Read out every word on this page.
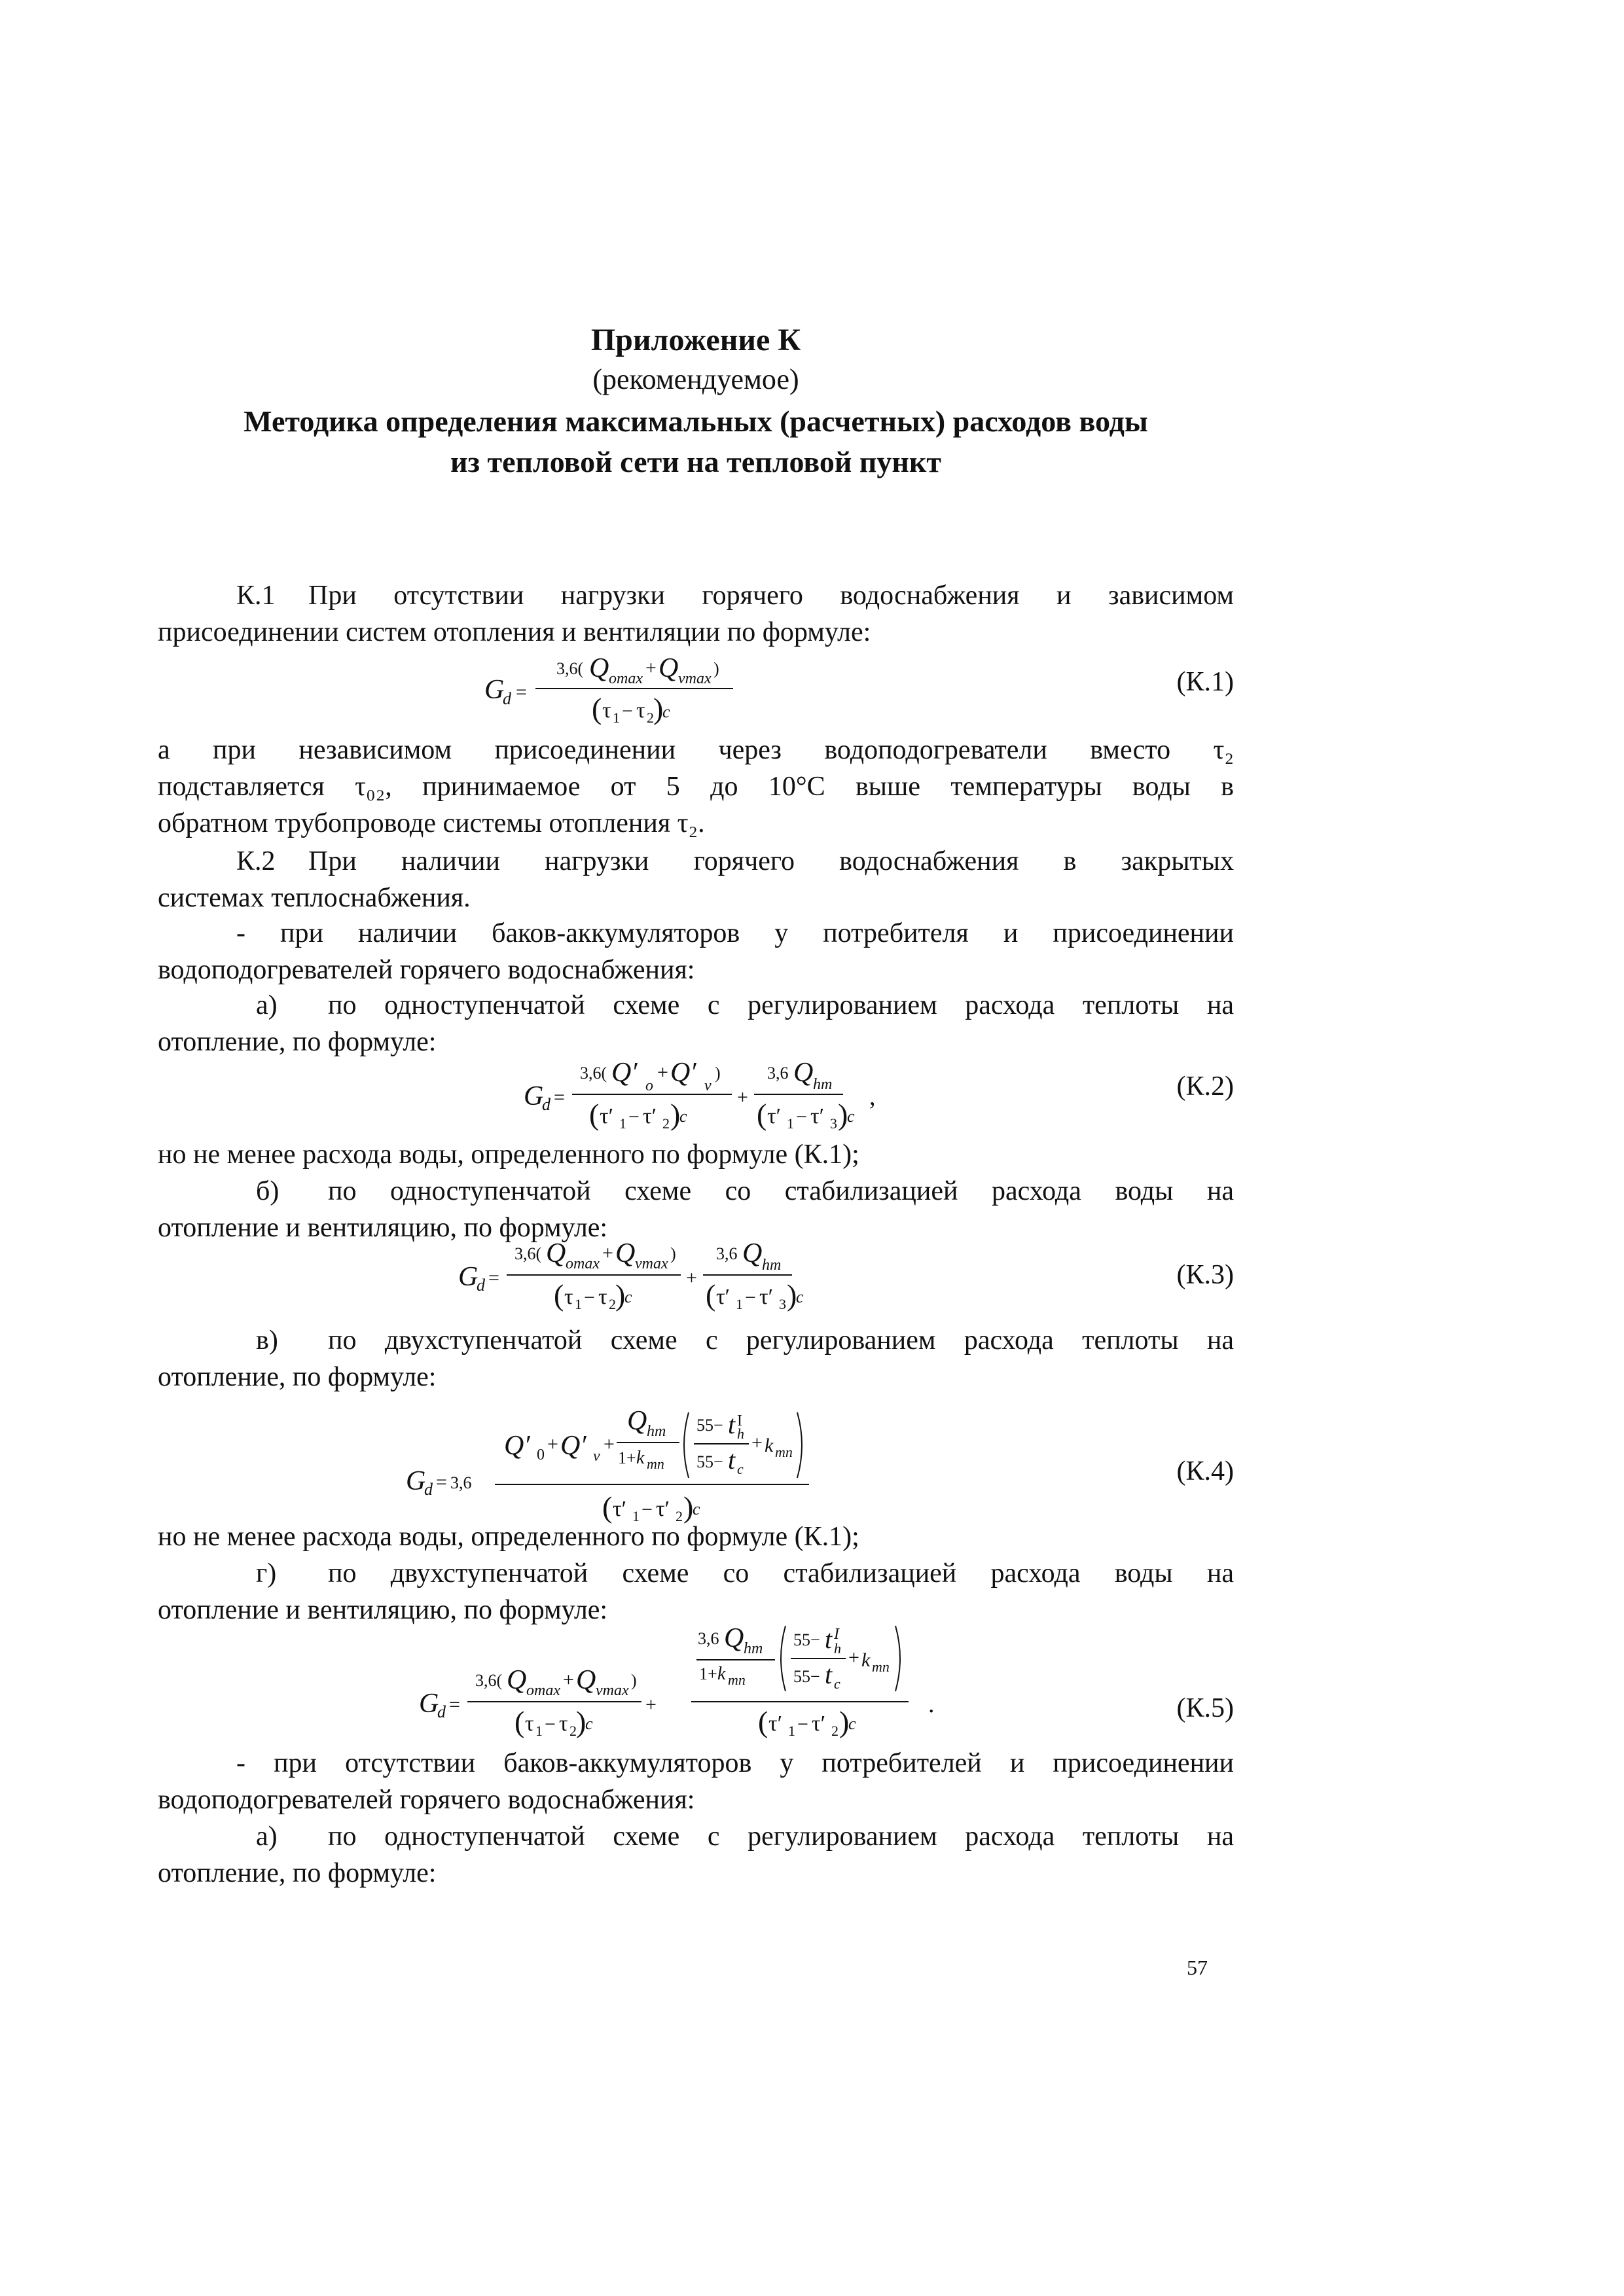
Приложение К
(рекомендуемое)
Методика определения максимальных (расчетных) расходов воды
из тепловой сети на тепловой пункт
К.1 При отсутствии нагрузки горячего водоснабжения и зависимом
присоединении систем отопления и вентиляции по формуле:
G
d =
3,6( Q omax + Q vmax
)
( τ 1 − τ 2 )
c
(К.1)
а при независимом присоединении через водоподогреватели вместо τ₂
подставляется τ₀₂, принимаемое от 5 до 10°С выше температуры воды в
обратном трубопроводе системы отопления τ₂.
К.2 При наличии нагрузки горячего водоснабжения в закрытых
системах теплоснабжения.
- при наличии баков-аккумуляторов у потребителя и присоединении
водоподогревателей горячего водоснабжения:
а) по одноступенчатой схеме с регулированием расхода теплоты на
отопление, по формуле:
G
d =
3,6( Q′ o
+ Q′ v
)
( τ′ 1 − τ′ 2 )
c
+
3,6 Q hm
( τ′ 1 − τ′ 3 )
c
,	(К.2)
но не менее расхода воды, определенного по формуле (К.1);
б) по одноступенчатой схеме со стабилизацией расхода воды на
отопление и вентиляцию, по формуле:
G
d =
3,6( Q omax + Q vmax
)
( τ 1 − τ 2 )
c
+
3,6 Q hm
( τ′ 1 − τ′ 3 )
c
(К.3)
в) по двухступенчатой схеме с регулированием расхода теплоты на
отопление, по формуле:
G
d = 3,6
Q′ 0 + Q′ v
+
Q hm
1+ k mn
55− t I
h
55− t c
+ k mn
( τ′ 1 − τ′ 2 )
c
(К.4)
но не менее расхода воды, определенного по формуле (К.1);
г) по двухступенчатой схеме со стабилизацией расхода воды на
отопление и вентиляцию, по формуле:
G
d =
3,6( Q omax + Q vmax
)
( τ 1 − τ 2 )
c
+
3,6 Q hm
1+ k mn
55− t I
h
55− t c
+ k mn
( τ′ 1 − τ′ 2 )
c
.	(К.5)
- при отсутствии баков-аккумуляторов у потребителей и присоединении
водоподогревателей горячего водоснабжения:
а) по одноступенчатой схеме с регулированием расхода теплоты на
отопление, по формуле:
57
